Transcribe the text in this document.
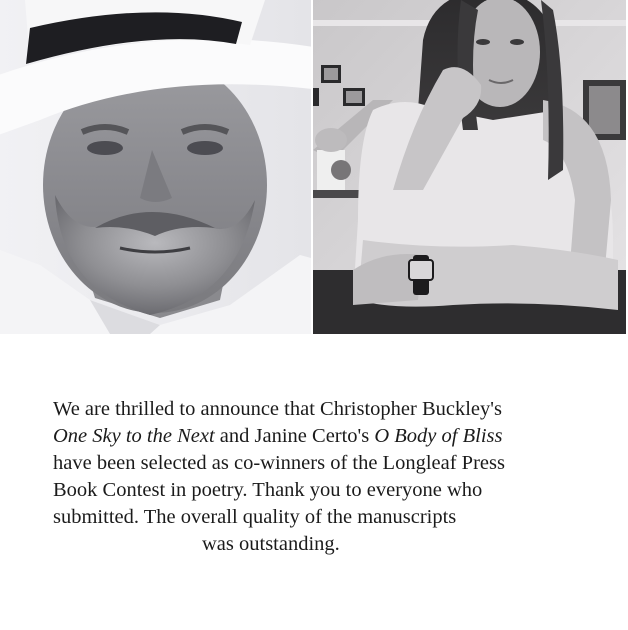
We are thrilled to announce that Christopher Buckley's
One Sky to the Next and Janine Certo's O Body of Bliss
have been selected as co-winners of the Longleaf Press
Book Contest in poetry. Thank you to everyone who
submitted. The overall quality of the manuscripts
was outstanding.
